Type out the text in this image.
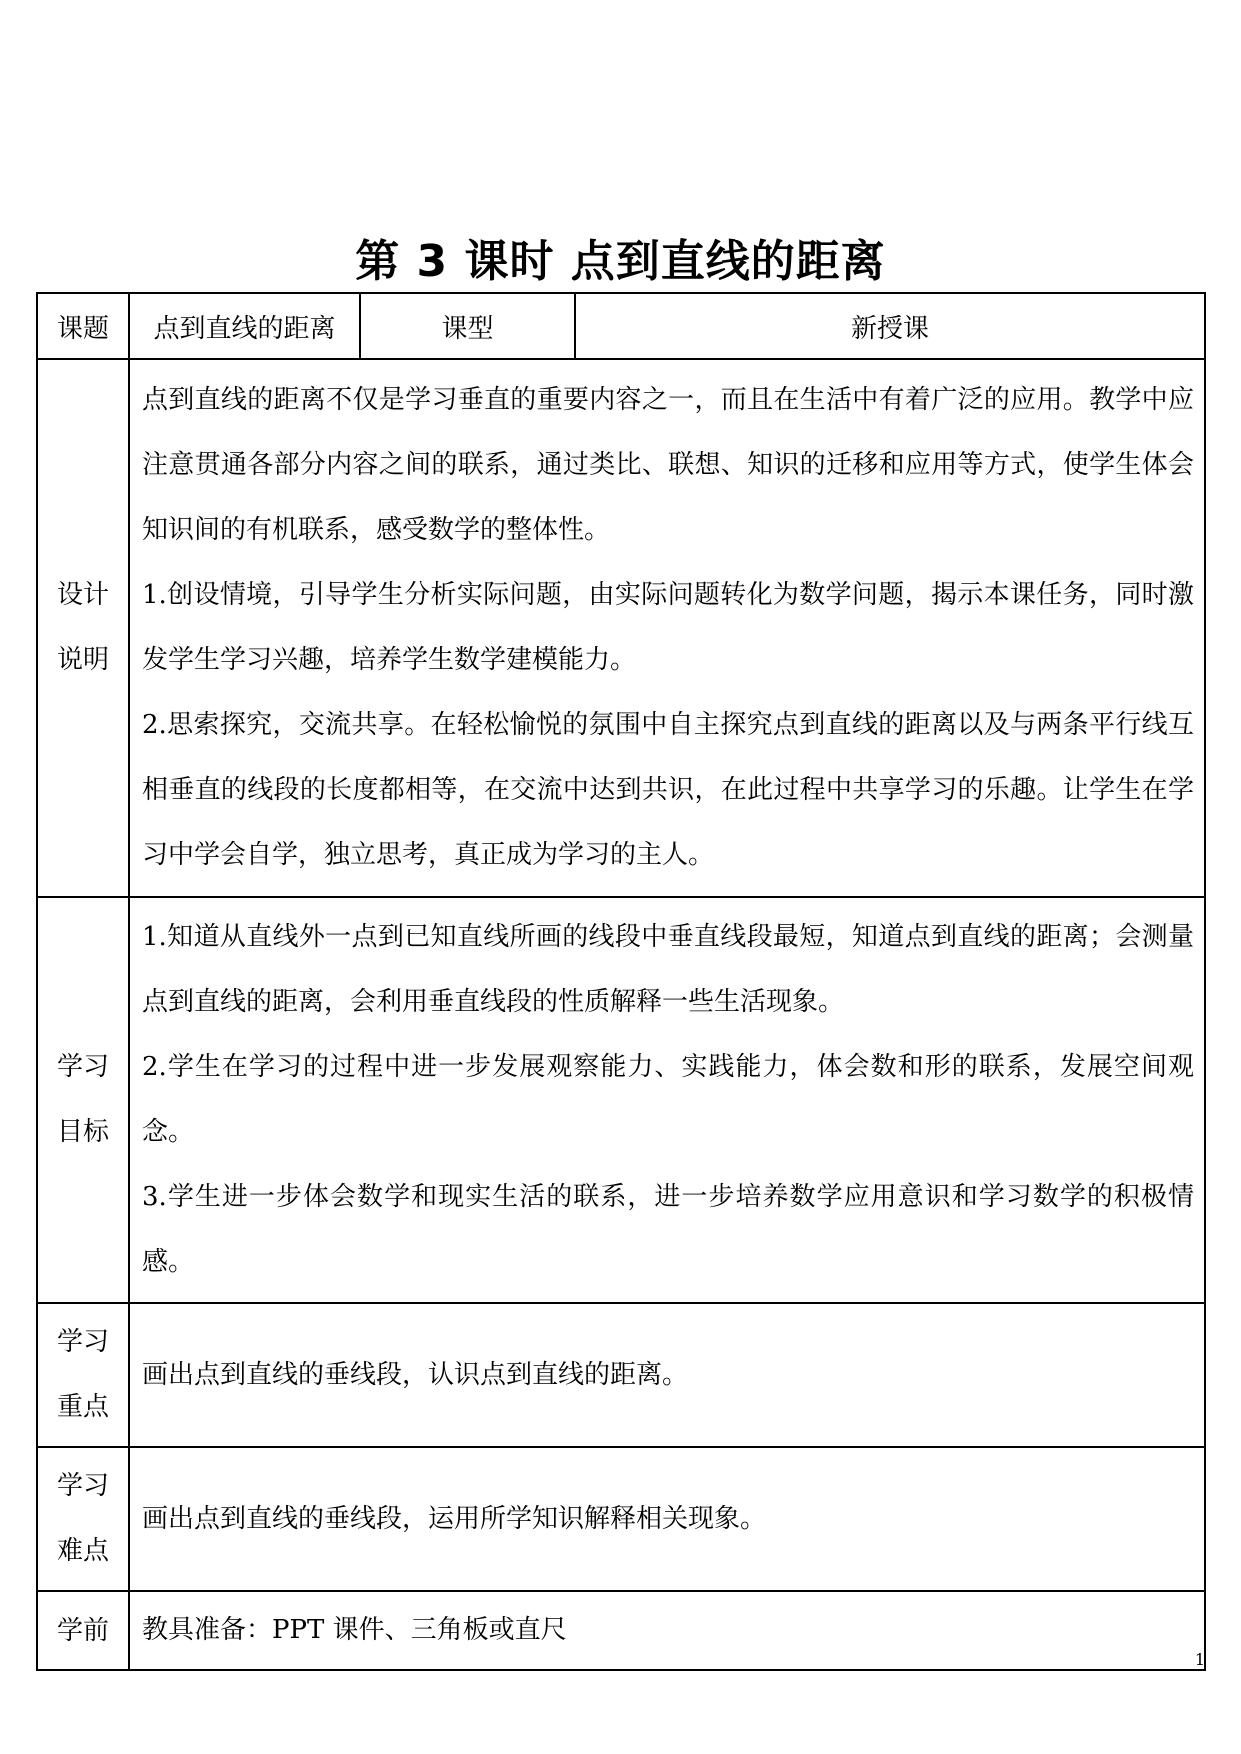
第 3 课时 点到直线的距离
课题	点到直线的距离	课型	新授课

设计
说明	点到直线的距离不仅是学习垂直的重要内容之一，而且在生活中有着广泛的应用。教学中应注意贯通各部分内容之间的联系，通过类比、联想、知识的迁移和应用等方式，使学生体会知识间的有机联系，感受数学的整体性。
1.创设情境，引导学生分析实际问题，由实际问题转化为数学问题，揭示本课任务，同时激发学生学习兴趣，培养学生数学建模能力。
2.思索探究，交流共享。在轻松愉悦的氛围中自主探究点到直线的距离以及与两条平行线互相垂直的线段的长度都相等，在交流中达到共识，在此过程中共享学习的乐趣。让学生在学习中学会自学，独立思考，真正成为学习的主人。		

学习
目标	1.知道从直线外一点到已知直线所画的线段中垂直线段最短，知道点到直线的距离；会测量点到直线的距离，会利用垂直线段的性质解释一些生活现象。
2.学生在学习的过程中进一步发展观察能力、实践能力，体会数和形的联系，发展空间观念。
3.学生进一步体会数学和现实生活的联系，进一步培养数学应用意识和学习数学的积极情感。		

学习
重点	画出点到直线的垂线段，认识点到直线的距离。		

学习
难点	画出点到直线的垂线段，运用所学知识解释相关现象。		
学前	教具准备：PPT 课件、三角板或直尺		
1
